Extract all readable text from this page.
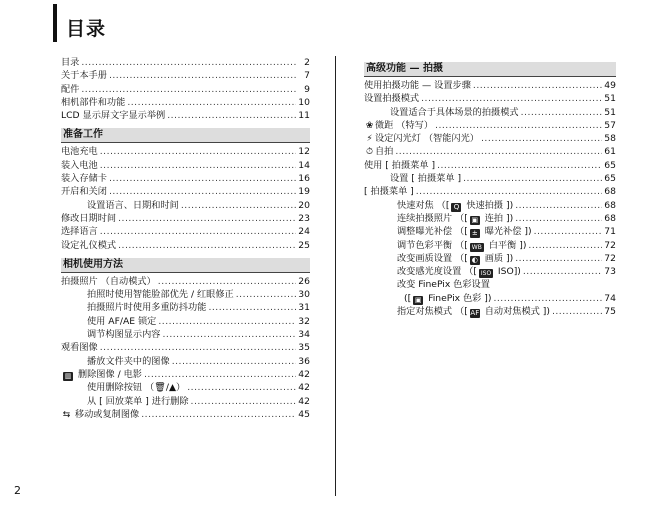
目录
2
目录 .....	2
关于本手册 .....	7
配件 .....	9
相机部件和功能 .....	10
LCD 显示屏文字显示举例 .....	11
准备工作
电池充电 .....	12
装入电池 .....	14
装入存储卡 .....	16
开启和关闭 .....	19
设置语言、日期和时间 .....	20
修改日期时间 .....	23
选择语言 .....	24
设定礼仪模式 .....	25
相机使用方法
拍摄照片 （自动模式） .....	26
拍照时使用智能脸部优先 / 红眼修正 .....	30
拍摄照片时使用多重防抖功能 .....	31
使用 AF/AE 锁定 .....	32
调节构图显示内容 .....	34
观看图像 .....	35
播放文件夹中的图像 .....	36
▥ 删除图像 / 电影 .....	42
使用删除按钮 （🗑/▲） .....	42
从 [ 回放菜单 ] 进行删除 .....	42
⇆ 移动或复制图像 .....	45
高级功能 — 拍摄
使用拍摄功能 — 设置步骤 .....	49
设置拍摄模式 .....	51
设置适合于具体场景的拍摄模式 .....	51
❀ 微距 （特写） .....	57
⚡ 设定闪光灯 （智能闪光） .....	58
⏱ 自拍 .....	61
使用 [ 拍摄菜单 ] .....	65
设置 [ 拍摄菜单 ] .....	65
[ 拍摄菜单 ] .....	68
快速对焦 （[ Q 快速拍摄 ]) .....	68
连续拍摄照片 （[ ▣ 连拍 ]) .....	68
调整曝光补偿 （[ ± 曝光补偿 ]) .....	71
调节色彩平衡 （[ WB 白平衡 ]) .....	72
改变画质设置 （[ ◐ 画质 ]) .....	72
改变感光度设置 （[ ISO ISO]) .....	73
改变 FinePix 色彩设置
([ ▣ FinePix 色彩 ]) .....	74
指定对焦模式 （[ AF 自动对焦模式 ]) .....	75
